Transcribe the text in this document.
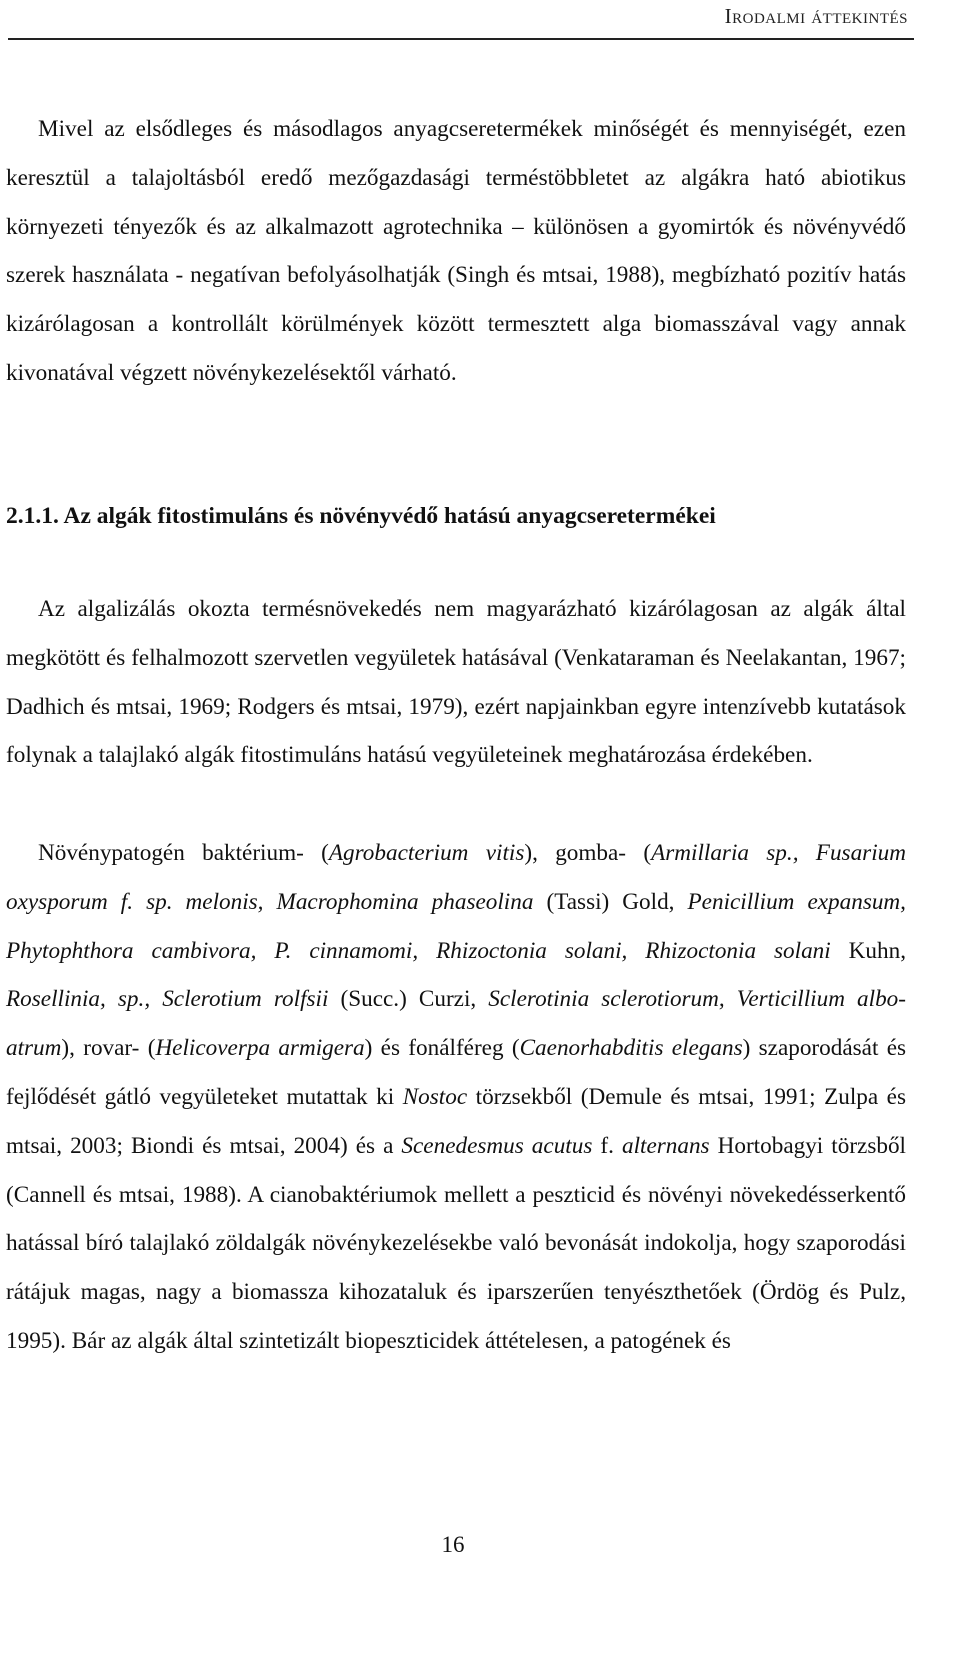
Irodalmi áttekintés

Mivel az elsődleges és másodlagos anyagcseretermékek minőségét és mennyiségét, ezen keresztül a talajoltásból eredő mezőgazdasági terméstöbbletet az algákra ható abiotikus környezeti tényezők és az alkalmazott agrotechnika – különösen a gyomirtók és növényvédő szerek használata - negatívan befolyásolhatják (Singh és mtsai, 1988), megbízható pozitív hatás kizárólagosan a kontrollált körülmények között termesztett alga biomasszával vagy annak kivonatával végzett növénykezelésektől várható.

2.1.1. Az algák fitostimuláns és növényvédő hatású anyagcseretermékei

Az algalizálás okozta termésnövekedés nem magyarázható kizárólagosan az algák által megkötött és felhalmozott szervetlen vegyületek hatásával (Venkataraman és Neelakantan, 1967; Dadhich és mtsai, 1969; Rodgers és mtsai, 1979), ezért napjainkban egyre intenzívebb kutatások folynak a talajlakó algák fitostimuláns hatású vegyületeinek meghatározása érdekében.

Növénypatogén baktérium- (Agrobacterium vitis), gomba- (Armillaria sp., Fusarium oxysporum f. sp. melonis, Macrophomina phaseolina (Tassi) Gold, Penicillium expansum, Phytophthora cambivora, P. cinnamomi, Rhizoctonia solani, Rhizoctonia solani Kuhn, Rosellinia, sp., Sclerotium rolfsii (Succ.) Curzi, Sclerotinia sclerotiorum, Verticillium albo-atrum), rovar- (Helicoverpa armigera) és fonálféreg (Caenorhabditis elegans) szaporodását és fejlődését gátló vegyületeket mutattak ki Nostoc törzsekből (Demule és mtsai, 1991; Zulpa és mtsai, 2003; Biondi és mtsai, 2004) és a Scenedesmus acutus f. alternans Hortobagyi törzsből (Cannell és mtsai, 1988). A cianobaktériumok mellett a peszticid és növényi növekedésserkentő hatással bíró talajlakó zöldalgák növénykezelésekbe való bevonását indokolja, hogy szaporodási rátájuk magas, nagy a biomassza kihozataluk és iparszerűen tenyészthetőek (Ördög és Pulz, 1995). Bár az algák által szintetizált biopeszticidek áttételesen, a patogének és

16
